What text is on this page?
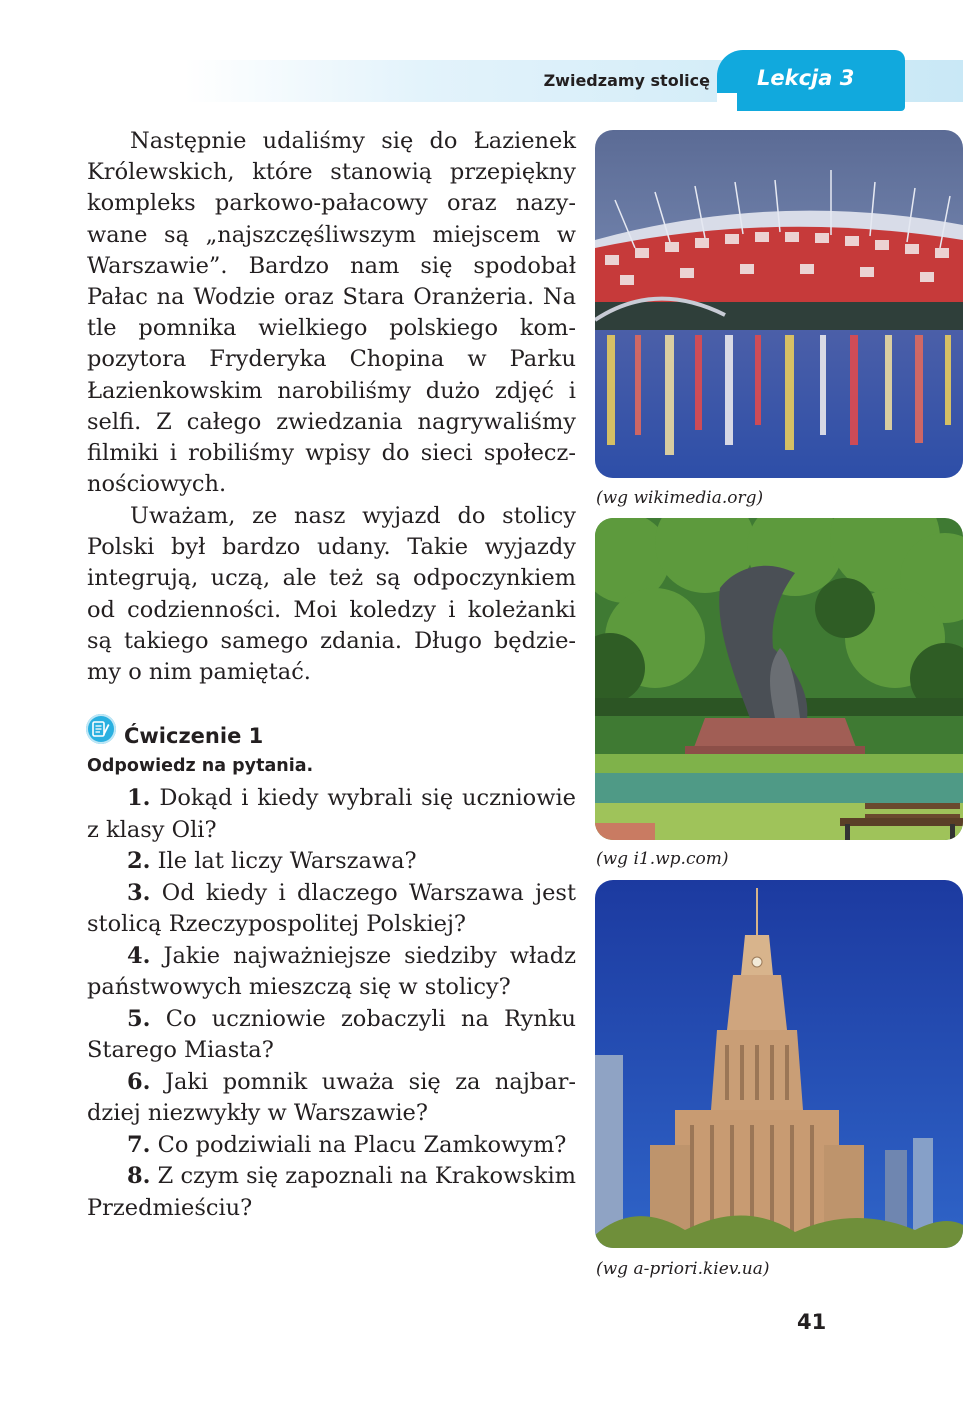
Zwiedzamy stolicę Lekcja 3

Następnie udaliśmy się do Łazienek Królewskich, które stanowią przepiękny kompleks parkowo-pałacowy oraz nazywane są „najszczęśliwszym miejscem w Warszawie”. Bardzo nam się spodobał Pałac na Wodzie oraz Stara Oranżeria. Na tle pomnika wielkiego polskiego kompozytora Fryderyka Chopina w Parku Łazienkowskim narobiliśmy dużo zdjęć i selfi. Z całego zwiedzania nagrywaliśmy filmiki i robiliśmy wpisy do sieci społecznościowych.

Uważam, ze nasz wyjazd do stolicy Polski był bardzo udany. Takie wyjazdy integrują, uczą, ale też są odpoczynkiem od codzienności. Moi koledzy i koleżanki są takiego samego zdania. Długo będziemy o nim pamiętać.

Ćwiczenie 1
Odpowiedz na pytania.
1. Dokąd i kiedy wybrali się uczniowie z klasy Oli?
2. Ile lat liczy Warszawa?
3. Od kiedy i dlaczego Warszawa jest stolicą Rzeczypospolitej Polskiej?
4. Jakie najważniejsze siedziby władz państwowych mieszczą się w stolicy?
5. Co uczniowie zobaczyli na Rynku Starego Miasta?
6. Jaki pomnik uważa się za najbardziej niezwykły w Warszawie?
7. Co podziwiali na Placu Zamkowym?
8. Z czym się zapoznali na Krakowskim Przedmieściu?
(wg wikimedia.org)
(wg i1.wp.com)
(wg a-priori.kiev.ua)
41
